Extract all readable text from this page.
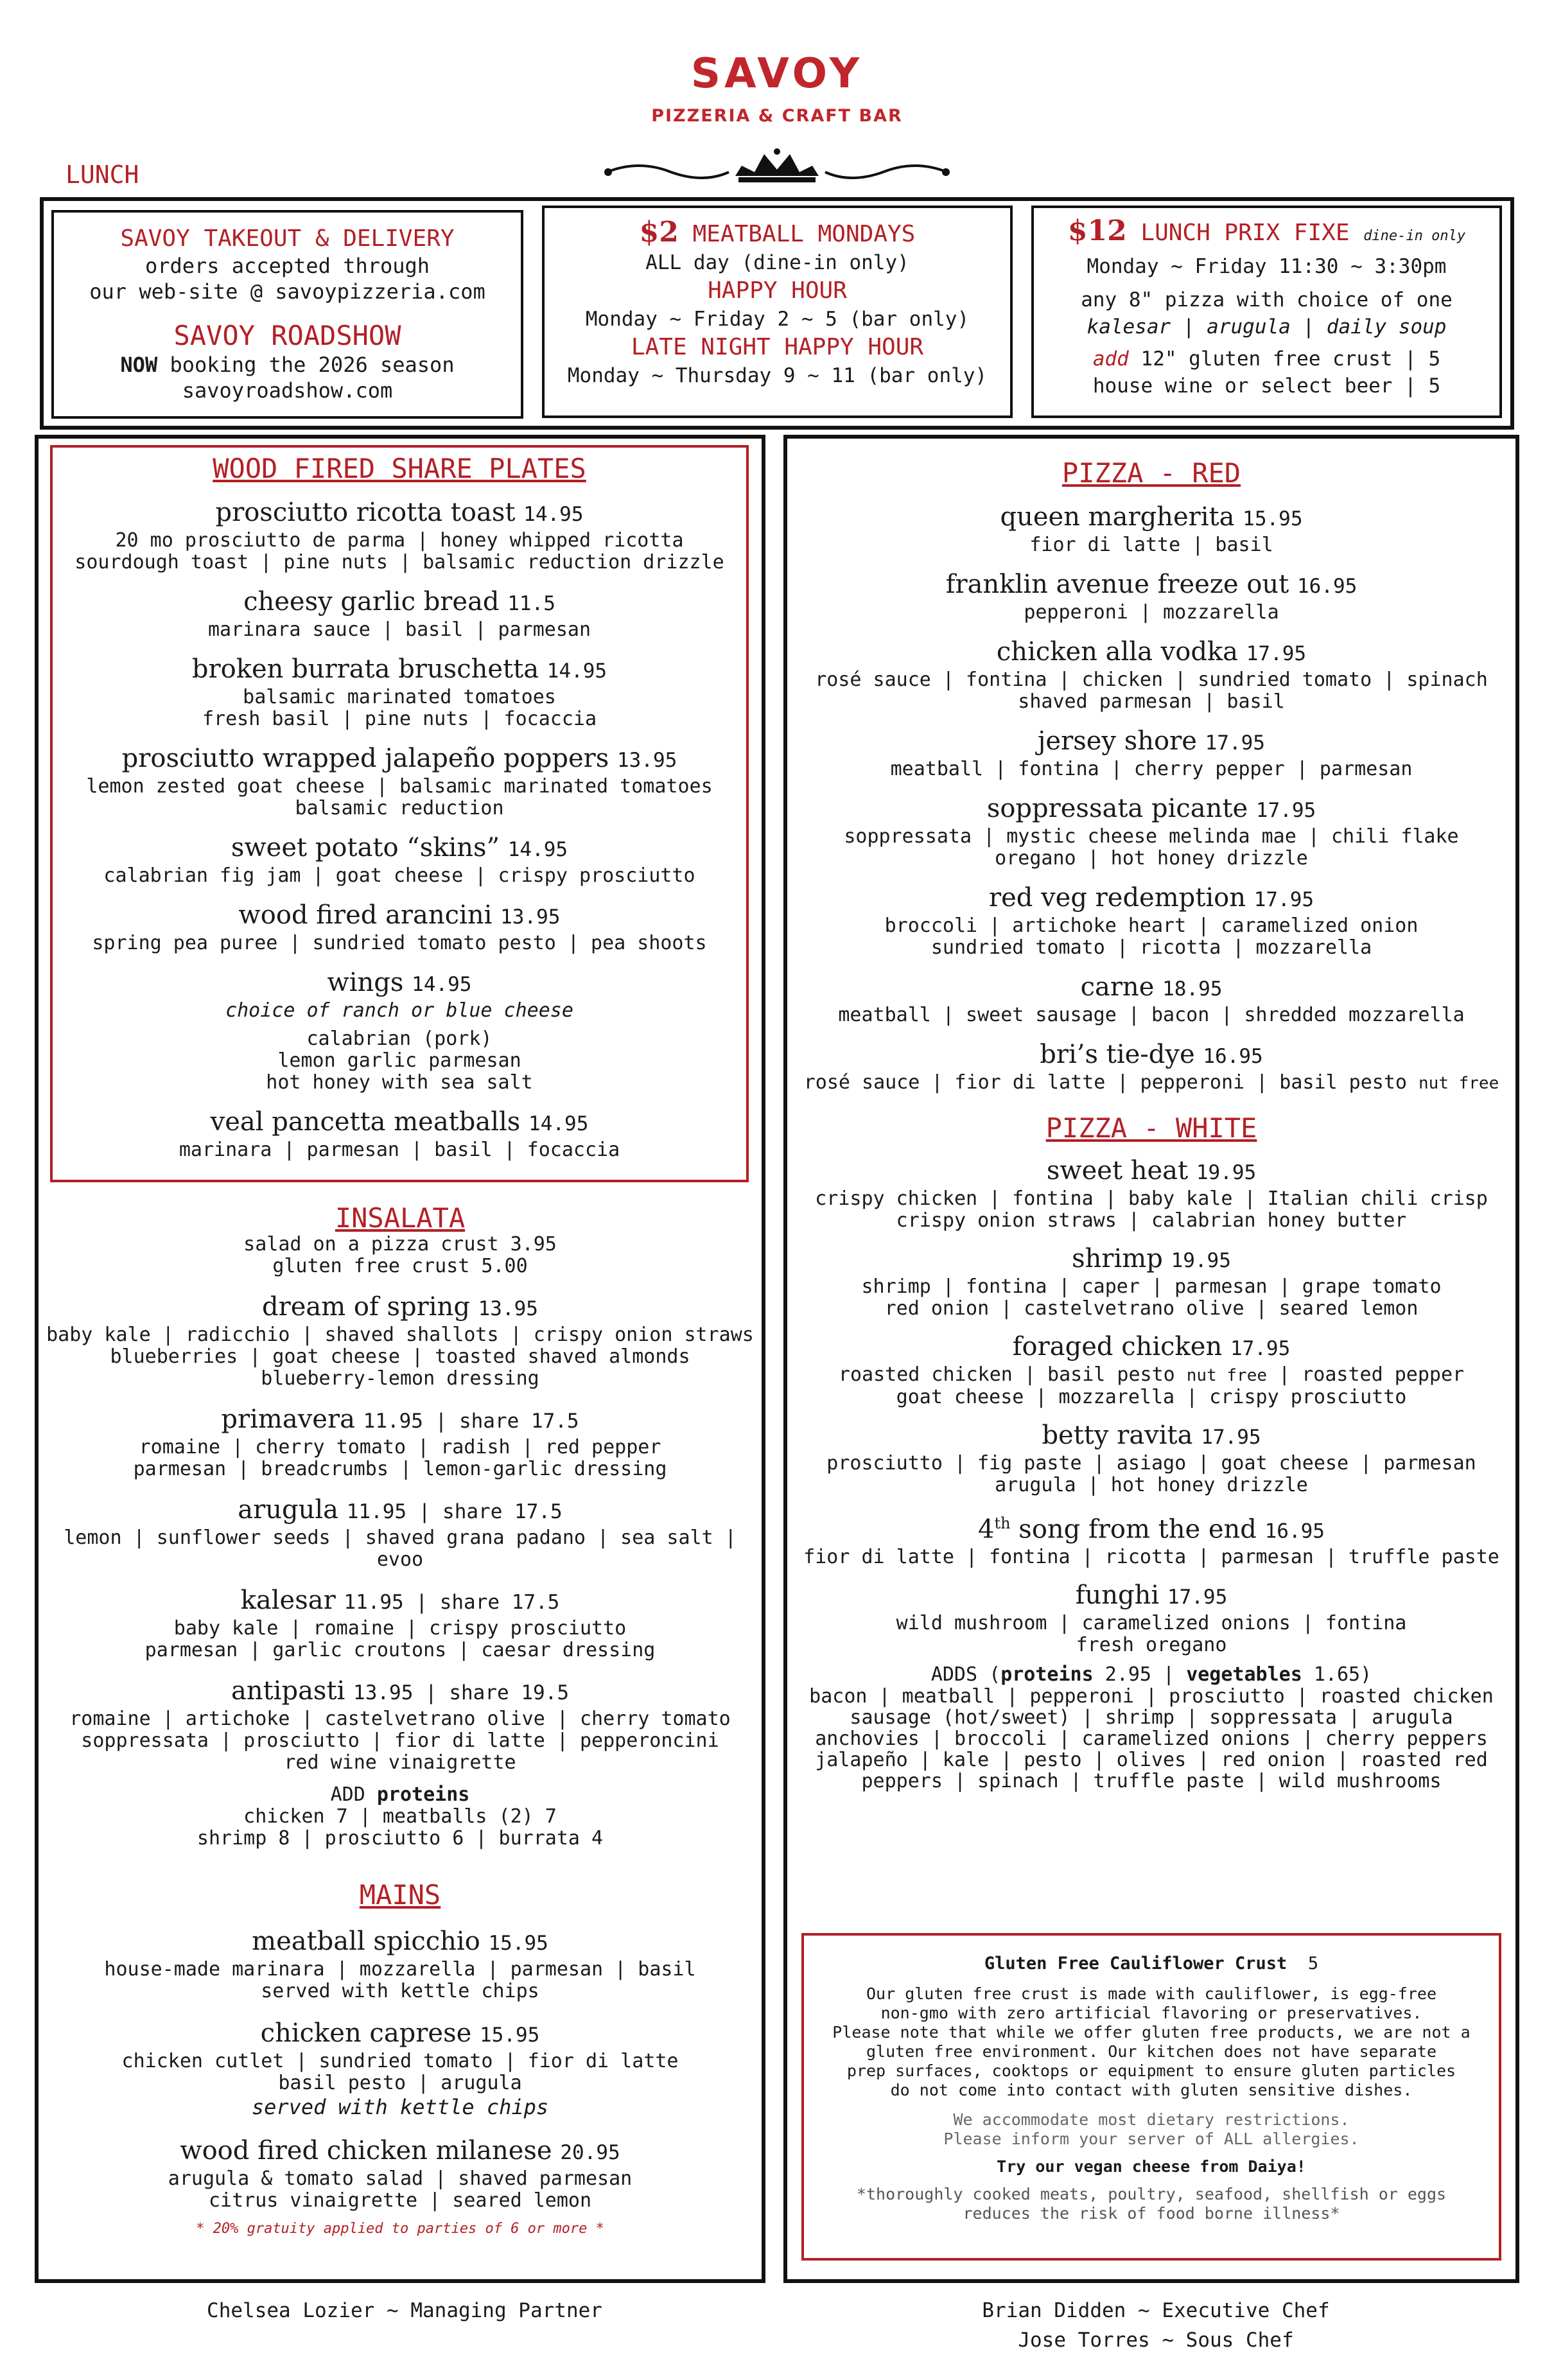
SAVOY
PIZZERIA & CRAFT BAR
LUNCH
SAVOY TAKEOUT & DELIVERY
orders accepted through
our web-site @ savoypizzeria.com
SAVOY ROADSHOW
NOW booking the 2026 season
savoyroadshow.com
$2 MEATBALL MONDAYS
ALL day (dine-in only)
HAPPY HOUR
Monday ~ Friday 2 ~ 5 (bar only)
LATE NIGHT HAPPY HOUR
Monday ~ Thursday 9 ~ 11 (bar only)
$12 LUNCH PRIX FIXE dine-in only
Monday ~ Friday 11:30 ~ 3:30pm
any 8" pizza with choice of one
kalesar | arugula | daily soup
add 12" gluten free crust | 5
house wine or select beer | 5
WOOD FIRED SHARE PLATES
prosciutto ricotta toast 14.95
20 mo prosciutto de parma | honey whipped ricotta
sourdough toast | pine nuts | balsamic reduction drizzle
cheesy garlic bread 11.5
marinara sauce | basil | parmesan
broken burrata bruschetta 14.95
balsamic marinated tomatoes
fresh basil | pine nuts | focaccia
prosciutto wrapped jalapeño poppers 13.95
lemon zested goat cheese | balsamic marinated tomatoes
balsamic reduction
sweet potato “skins” 14.95
calabrian fig jam | goat cheese | crispy prosciutto
wood fired arancini 13.95
spring pea puree | sundried tomato pesto | pea shoots
wings 14.95
choice of ranch or blue cheese
calabrian (pork)
lemon garlic parmesan
hot honey with sea salt
veal pancetta meatballs 14.95
marinara | parmesan | basil | focaccia
INSALATA
salad on a pizza crust 3.95
gluten free crust 5.00
dream of spring 13.95
baby kale | radicchio | shaved shallots | crispy onion straws
blueberries | goat cheese | toasted shaved almonds
blueberry-lemon dressing
primavera 11.95 | share 17.5
romaine | cherry tomato | radish | red pepper
parmesan | breadcrumbs | lemon-garlic dressing
arugula 11.95 | share 17.5
lemon | sunflower seeds | shaved grana padano | sea salt | evoo
kalesar 11.95 | share 17.5
baby kale | romaine | crispy prosciutto
parmesan | garlic croutons | caesar dressing
antipasti 13.95 | share 19.5
romaine | artichoke | castelvetrano olive | cherry tomato
soppressata | prosciutto | fior di latte | pepperoncini
red wine vinaigrette
ADD proteins
chicken 7 | meatballs (2) 7
shrimp 8 | prosciutto 6 | burrata 4
MAINS
meatball spicchio 15.95
house-made marinara | mozzarella | parmesan | basil
served with kettle chips
chicken caprese 15.95
chicken cutlet | sundried tomato | fior di latte
basil pesto | arugula
served with kettle chips
wood fired chicken milanese 20.95
arugula & tomato salad | shaved parmesan
citrus vinaigrette | seared lemon
* 20% gratuity applied to parties of 6 or more *
PIZZA - RED
queen margherita 15.95
fior di latte | basil
franklin avenue freeze out 16.95
pepperoni | mozzarella
chicken alla vodka 17.95
rosé sauce | fontina | chicken | sundried tomato | spinach
shaved parmesan | basil
jersey shore 17.95
meatball | fontina | cherry pepper | parmesan
soppressata picante 17.95
soppressata | mystic cheese melinda mae | chili flake
oregano | hot honey drizzle
red veg redemption 17.95
broccoli | artichoke heart | caramelized onion
sundried tomato | ricotta | mozzarella
carne 18.95
meatball | sweet sausage | bacon | shredded mozzarella
bri’s tie-dye 16.95
rosé sauce | fior di latte | pepperoni | basil pesto nut free
PIZZA - WHITE
sweet heat 19.95
crispy chicken | fontina | baby kale | Italian chili crisp
crispy onion straws | calabrian honey butter
shrimp 19.95
shrimp | fontina | caper | parmesan | grape tomato
red onion | castelvetrano olive | seared lemon
foraged chicken 17.95
roasted chicken | basil pesto nut free | roasted pepper
goat cheese | mozzarella | crispy prosciutto
betty ravita 17.95
prosciutto | fig paste | asiago | goat cheese | parmesan
arugula | hot honey drizzle
4th song from the end 16.95
fior di latte | fontina | ricotta | parmesan | truffle paste
funghi 17.95
wild mushroom | caramelized onions | fontina
fresh oregano
ADDS (proteins 2.95 | vegetables 1.65)
bacon | meatball | pepperoni | prosciutto | roasted chicken
sausage (hot/sweet) | shrimp | soppressata | arugula
anchovies | broccoli | caramelized onions | cherry peppers
jalapeño | kale | pesto | olives | red onion | roasted red
peppers | spinach | truffle paste | wild mushrooms
Gluten Free Cauliflower Crust 5
Our gluten free crust is made with cauliflower, is egg-free
non-gmo with zero artificial flavoring or preservatives.
Please note that while we offer gluten free products, we are not a
gluten free environment. Our kitchen does not have separate
prep surfaces, cooktops or equipment to ensure gluten particles
do not come into contact with gluten sensitive dishes.
We accommodate most dietary restrictions.
Please inform your server of ALL allergies.
Try our vegan cheese from Daiya!
*thoroughly cooked meats, poultry, seafood, shellfish or eggs
reduces the risk of food borne illness*
Chelsea Lozier ~ Managing Partner	Brian Didden ~ Executive Chef
Jose Torres ~ Sous Chef
